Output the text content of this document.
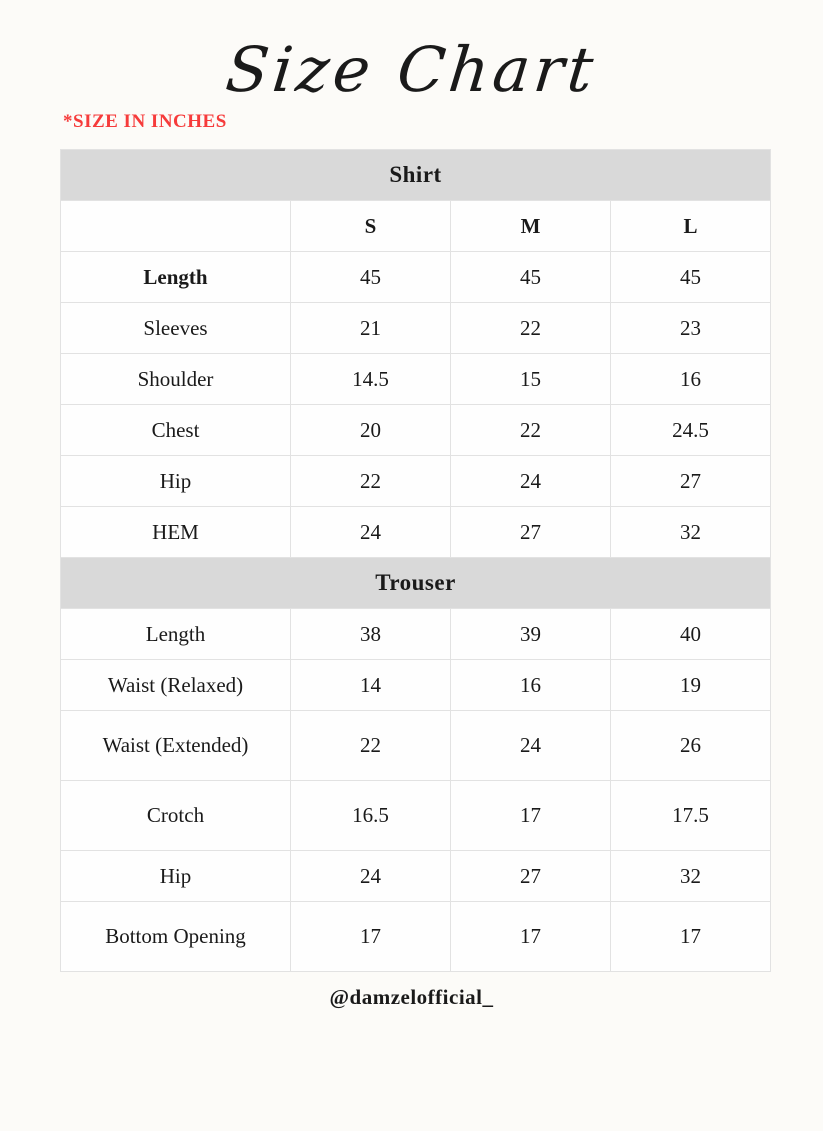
Size Chart
*SIZE IN INCHES
Shirt			
	S	M	L
Length	45	45	45
Sleeves	21	22	23
Shoulder	14.5	15	16
Chest	20	22	24.5
Hip	22	24	27
HEM	24	27	32
Trouser			
Length	38	39	40
Waist (Relaxed)	14	16	19
Waist (Extended)	22	24	26
Crotch	16.5	17	17.5
Hip	24	27	32
Bottom Opening	17	17	17
@damzelofficial_
